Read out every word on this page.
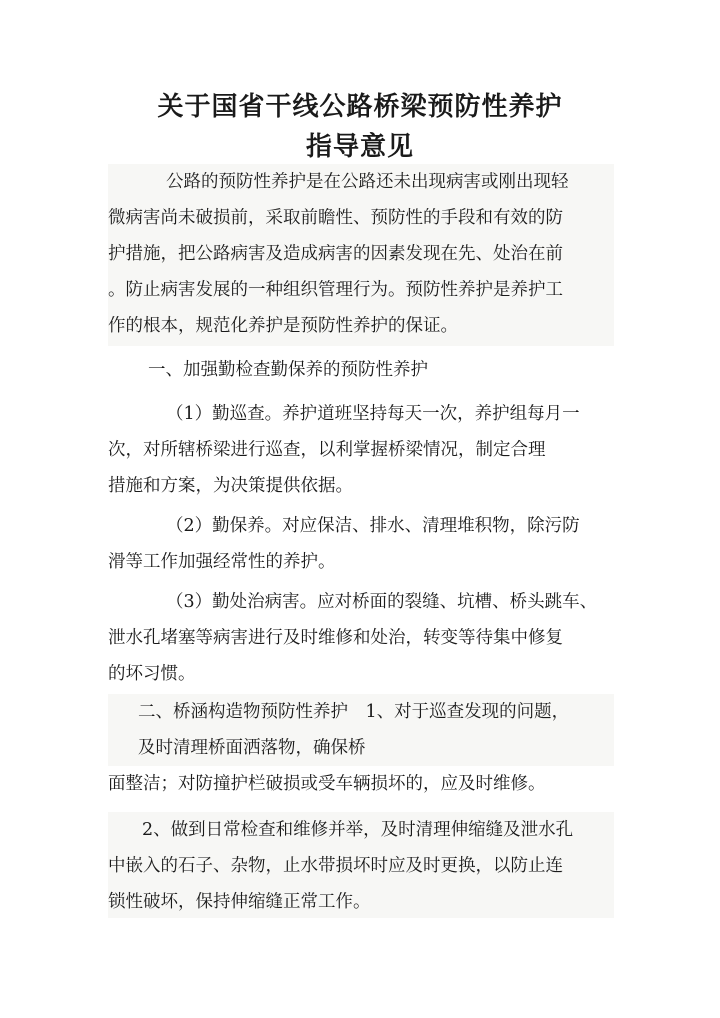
关于国省干线公路桥梁预防性养护
指导意见
公路的预防性养护是在公路还未出现病害或刚出现轻
微病害尚未破损前，采取前瞻性、预防性的手段和有效的防
护措施，把公路病害及造成病害的因素发现在先、处治在前
。防止病害发展的一种组织管理行为。预防性养护是养护工
作的根本，规范化养护是预防性养护的保证。
一、加强勤检查勤保养的预防性养护
（1）勤巡查。养护道班坚持每天一次，养护组每月一
次，对所辖桥梁进行巡查，以利掌握桥梁情况，制定合理
措施和方案，为决策提供依据。
（2）勤保养。对应保洁、排水、清理堆积物，除污防
滑等工作加强经常性的养护。
（3）勤处治病害。应对桥面的裂缝、坑槽、桥头跳车、
泄水孔堵塞等病害进行及时维修和处治，转变等待集中修复
的坏习惯。
二、桥涵构造物预防性养护　1、对于巡查发现的问题，
及时清理桥面洒落物，确保桥
面整洁；对防撞护栏破损或受车辆损坏的，应及时维修。
2、做到日常检查和维修并举，及时清理伸缩缝及泄水孔
中嵌入的石子、杂物，止水带损坏时应及时更换，以防止连
锁性破坏，保持伸缩缝正常工作。
